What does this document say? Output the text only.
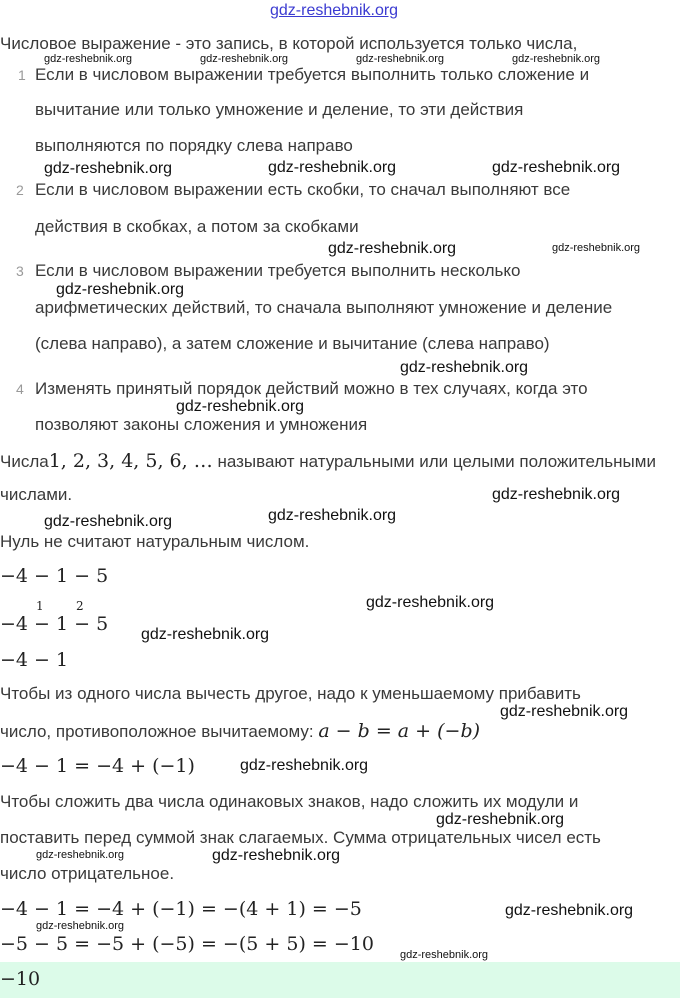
gdz-reshebnik.org
Числовое выражение - это запись, в которой используется только числа,
1 Если в числовом выражении требуется выполнить только сложение и
вычитание или только умножение и деление, то эти действия
выполняются по порядку слева направо
2 Если в числовом выражении есть скобки, то сначал выполняют все
действия в скобках, а потом за скобками
3 Если в числовом выражении требуется выполнить несколько
арифметических действий, то сначала выполняют умножение и деление
(слева направо), а затем сложение и вычитание (слева направо)
4 Изменять принятый порядок действий можно в тех случаях, когда это
позволяют законы сложения и умножения
Числа1, 2, 3, 4, 5, 6, … называют натуральными или целыми положительными
числами.
Нуль не считают натуральным числом.
−4 − 1 − 5
1	2
−4 − 1 − 5
−4 − 1
Чтобы из одного числа вычесть другое, надо к уменьшаемому прибавить
число, противоположное вычитаемому: a − b = a + (−b)
−4 − 1 = −4 + (−1)
Чтобы сложить два числа одинаковых знаков, надо сложить их модули и
поставить перед суммой знак слагаемых. Сумма отрицательных чисел есть
число отрицательное.
−4 − 1 = −4 + (−1) = −(4 + 1) = −5
−5 − 5 = −5 + (−5) = −(5 + 5) = −10
−10
gdz-reshebnik.org	gdz-reshebnik.org	gdz-reshebnik.org	gdz-reshebnik.org
gdz-reshebnik.org	gdz-reshebnik.org
gdz-reshebnik.org
gdz-reshebnik.org	gdz-reshebnik.org
gdz-reshebnik.org
gdz-reshebnik.org
gdz-reshebnik.org
gdz-reshebnik.org
gdz-reshebnik.org
gdz-reshebnik.org
gdz-reshebnik.org
gdz-reshebnik.org
gdz-reshebnik.org
gdz-reshebnik.org
gdz-reshebnik.org
gdz-reshebnik.org
gdz-reshebnik.org
gdz-reshebnik.org
gdz-reshebnik.org
gdz-reshebnik.org
